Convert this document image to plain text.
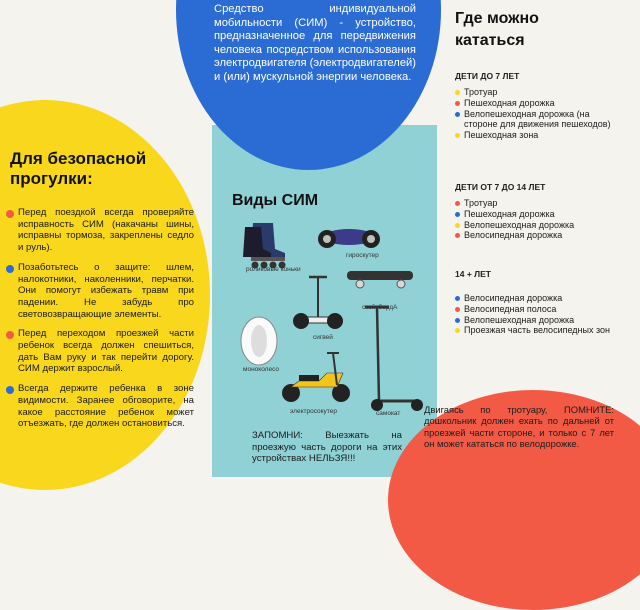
Средство индивидуальной мобильности (СИМ) - устройство, предназначенное для передвижения человека посредством использования электродвигателя (электродвигателей) и (или) мускульной энергии человека.
Для безопасной прогулки:
Перед поездкой всегда проверяйте исправность СИМ (накачаны шины, исправны тормоза, закреплены седло и руль).
Позаботьтесь о защите: шлем, налокотники, наколенники, перчатки. Они помогут избежать травм при падении. Не забудь про световозвращающие элементы.
Перед переходом проезжей части ребенок всегда должен спешиться, дать Вам руку и так перейти дорогу. СИМ держит взрослый.
Всегда держите ребенка в зоне видимости. Заранее обговорите, на какое расстояние ребенок может отъезжать, где должен остановиться.
Виды СИМ
роликовые коньки
гироскутер
сигвей
скейтбордА
моноколесо
электросокутер	самокат
ЗАПОМНИ: Выезжать на проезжую часть дороги на этих устройствах НЕЛЬЗЯ!!!
Где можно кататься
ДЕТИ ДО 7 ЛЕТ
Тротуар
Пешеходная дорожка
Велопешеходная дорожка (на стороне для движения пешеходов)
Пешеходная зона
ДЕТИ ОТ 7 ДО 14 ЛЕТ
Тротуар
Пешеходная дорожка
Велопешеходная дорожка
Велосипедная дорожка
14 + ЛЕТ
Велосипедная дорожка
Велосипедная полоса
Велопешеходная дорожка
Проезжая часть велосипедных зон
Двигаясь по тротуару, ПОМНИТЕ: дошкольник должен ехать по дальней от проезжей части стороне, и только с 7 лет он может кататься по велодорожке.
